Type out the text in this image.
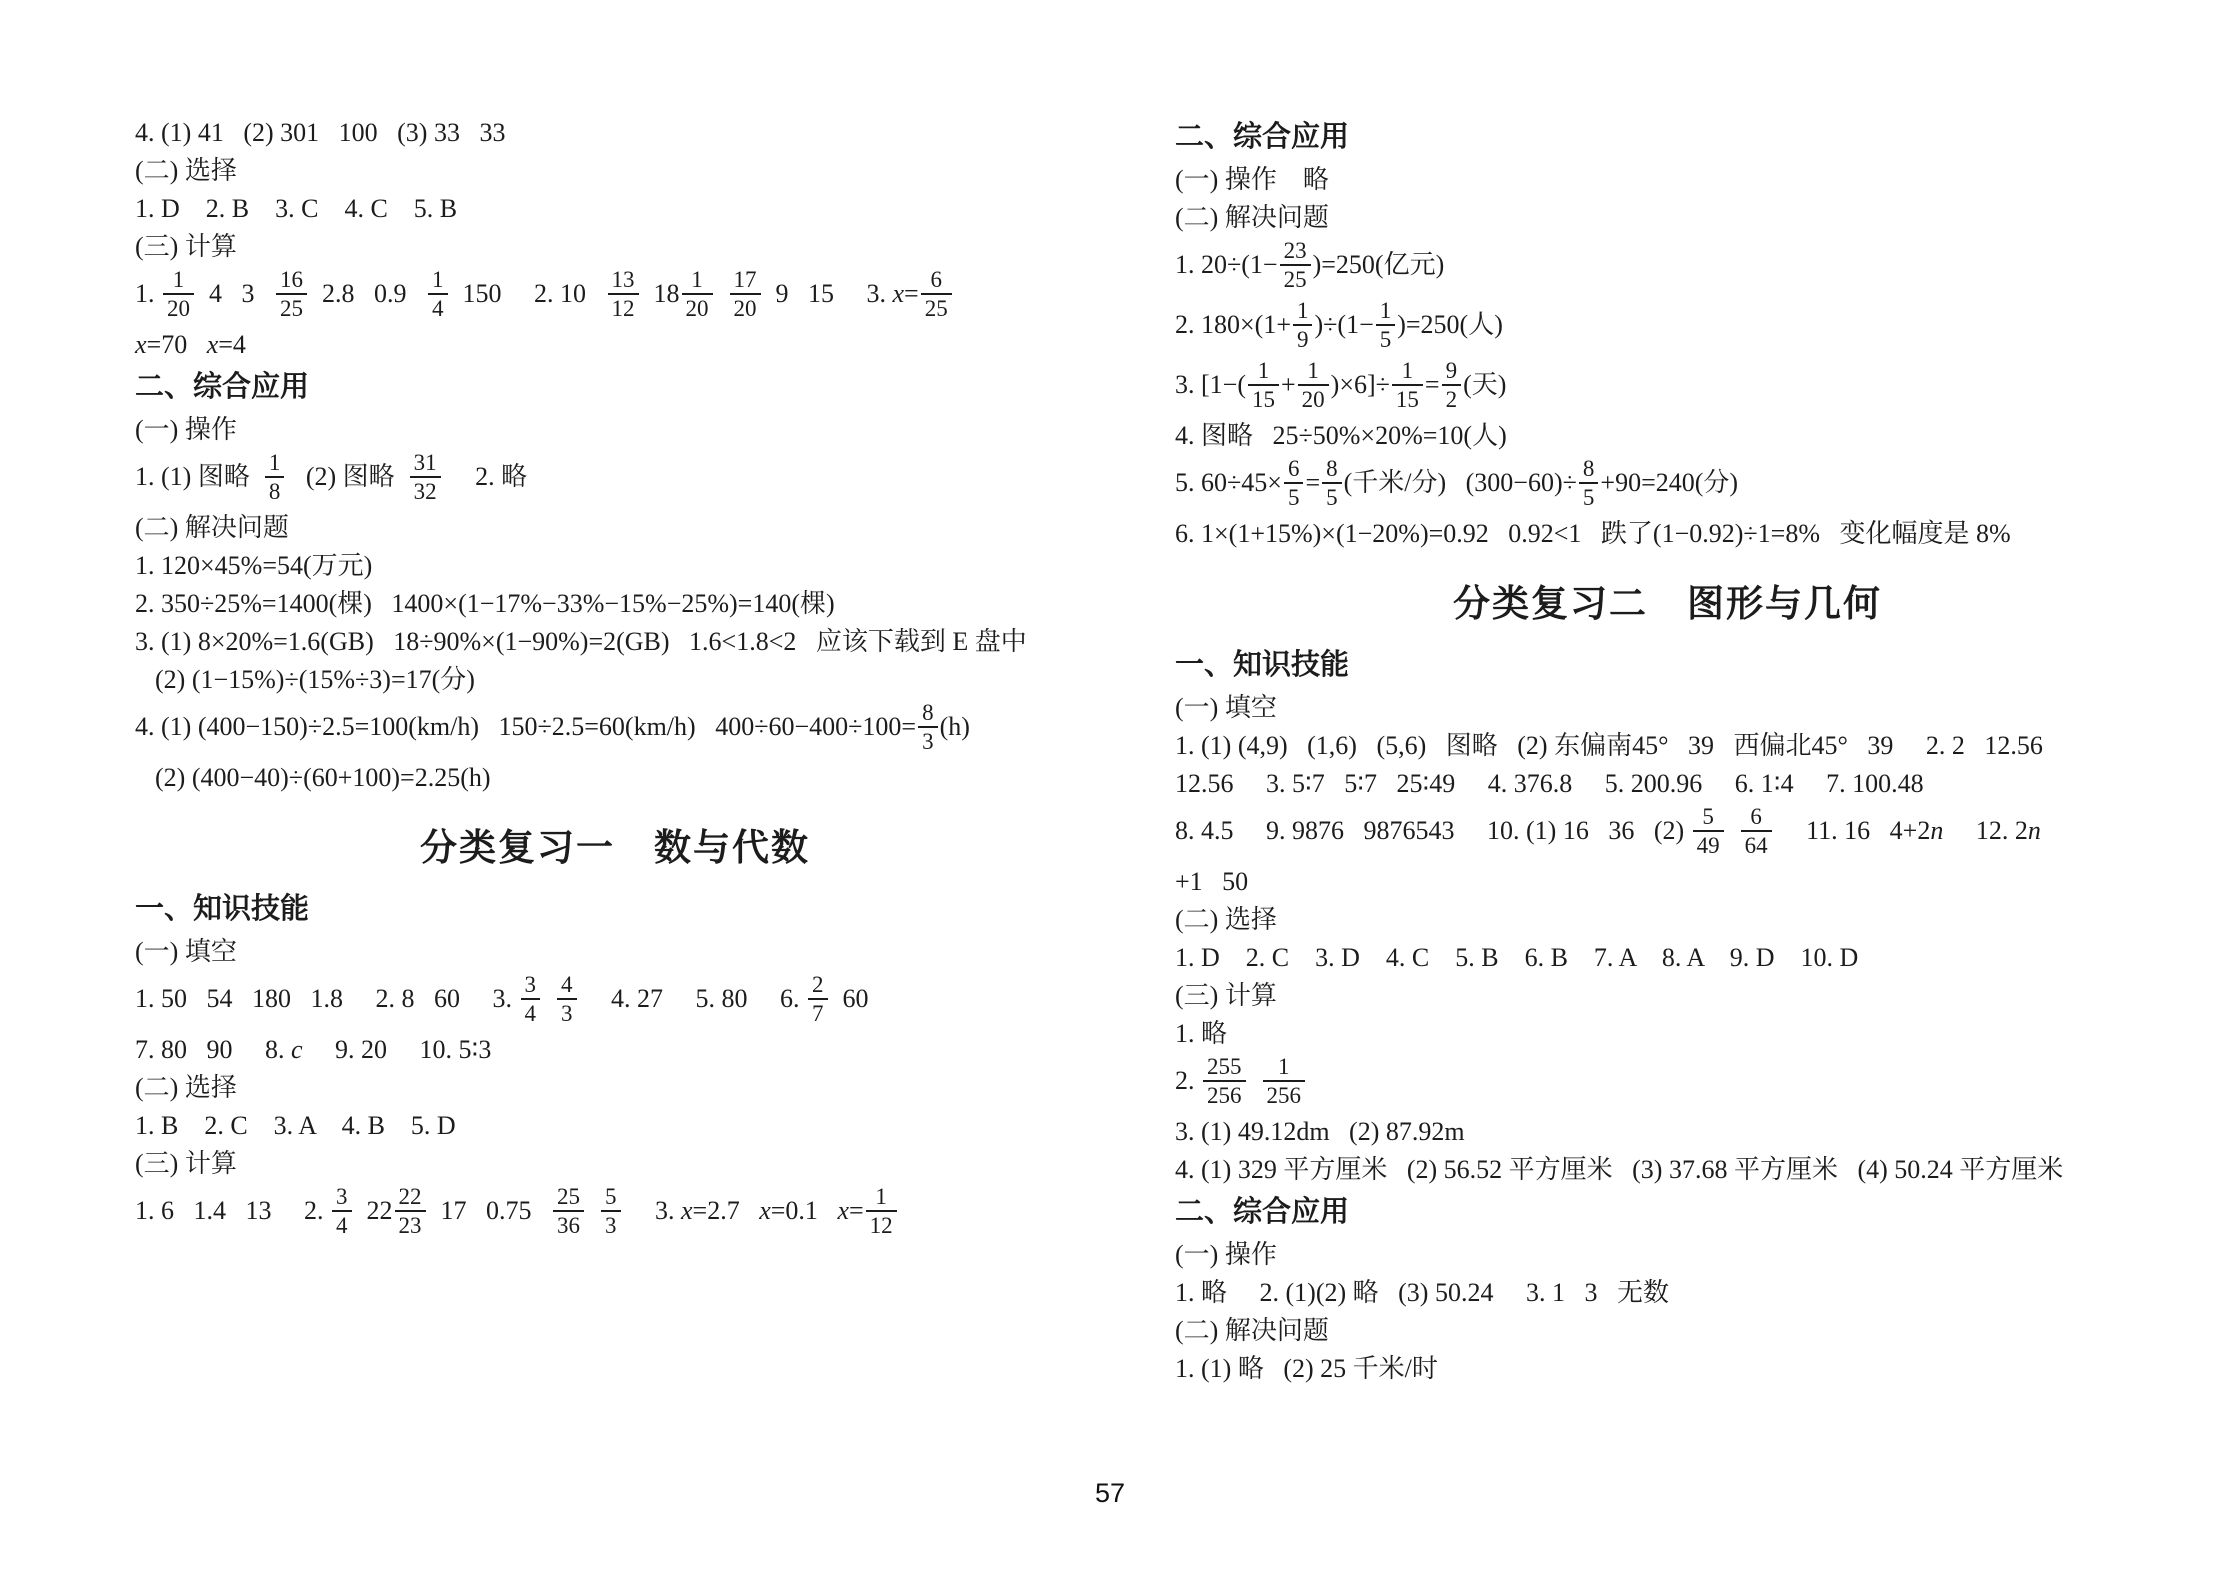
4. (1) 41   (2) 301   100   (3) 33   33
(二) 选择
1. D    2. B    3. C    4. C    5. B
(三) 计算
1. $\frac{1}{20} 4$   $3 \frac{16}{25} 2.8$   $0.9 \frac{1}{4} 150$     2. $10 \frac{13}{12} 18 \frac{1}{20}$
$\frac{17}{20} 9$   15     3. $x= \frac{6}{25}$
x=70   x=4
二、综合应用
(一) 操作
1. (1) 图略 $\frac{1}{8} (2)$ 图略 $\frac{31}{32} 2$. 略
(二) 解决问题
1. 120×45%=54(万元)
2. 350÷25%=1400(棵)   1400×(1−17%−33%−15%−25%)=140(棵)
3. (1) 8×20%=1.6(GB)   18÷90%×(1−90%)=2(GB)   1.6<1.8<2   应该下载到 E 盘中
(2) (1−15%)÷(15%÷3)=17(分)
4. (1) (400−150)÷2.5=100(km/h)   150÷2.5=60(km/h)   $400\div 60-400\div 100= \frac{8}{3} (h)$
(2) (400−40)÷(60+100)=2.25(h)
分类复习一　数与代数
一、知识技能
(一) 填空
1. 50   54   180   1.8     2. 8   60     3. $\frac{3}{4}$
$\frac{4}{3} 4$. 27     5. 80     6. $\frac{2}{7} 60$
7. 80   90     8. c     9. 20     10. 5∶3
(二) 选择
1. B    2. C    3. A    4. B    5. D
(三) 计算
1. 6   1.4   13     2. $\frac{3}{4} 22 \frac{22}{23} 17$   $0.75 \frac{25}{36}$
$\frac{5}{3} 3$. x=2.7   x=0.1   $x= \frac{1}{12}$
二、综合应用
(一) 操作　略
(二) 解决问题
1. $20\div(1- \frac{23}{25} )=250$(亿元)
2. $180\times(1+ \frac{1}{9} )\div(1- \frac{1}{5} )=250$(人)
3. $[1-( \frac{1}{15} + \frac{1}{20} )\times 6]\div \frac{1}{15} = \frac{9}{2}$ (天)
4. 图略   25÷50%×20%=10(人)
5. $60\div 45\times \frac{6}{5} = \frac{8}{5}$ (千米/分)   $(300-60)\div \frac{8}{5} +90=240$(分)
6. 1×(1+15%)×(1−20%)=0.92   0.92<1   跌了(1−0.92)÷1=8%   变化幅度是 8%
分类复习二　图形与几何
一、知识技能
(一) 填空
1. (1) (4,9)   (1,6)   (5,6)   图略   (2) 东偏南45°   39   西偏北45°   39     2. 2   12.56
12.56     3. 5∶7   5∶7   25∶49     4. 376.8     5. 200.96     6. 1∶4     7. 100.48
8. 4.5     9. 9876   9876543     10. (1) 16   36   $(2) \frac{5}{49}$
$\frac{6}{64} 11$. 16   4+2n     12. 2n
+1   50
(二) 选择
1. D    2. C    3. D    4. C    5. B    6. B    7. A    8. A    9. D    10. D
(三) 计算
1. 略
2. $\frac{255}{256}$
$\frac{1}{256}$
3. (1) 49.12dm   (2) 87.92m
4. (1) 329 平方厘米   (2) 56.52 平方厘米   (3) 37.68 平方厘米   (4) 50.24 平方厘米
二、综合应用
(一) 操作
1. 略     2. (1)(2) 略   (3) 50.24     3. 1   3   无数
(二) 解决问题
1. (1) 略   (2) 25 千米/时
57
